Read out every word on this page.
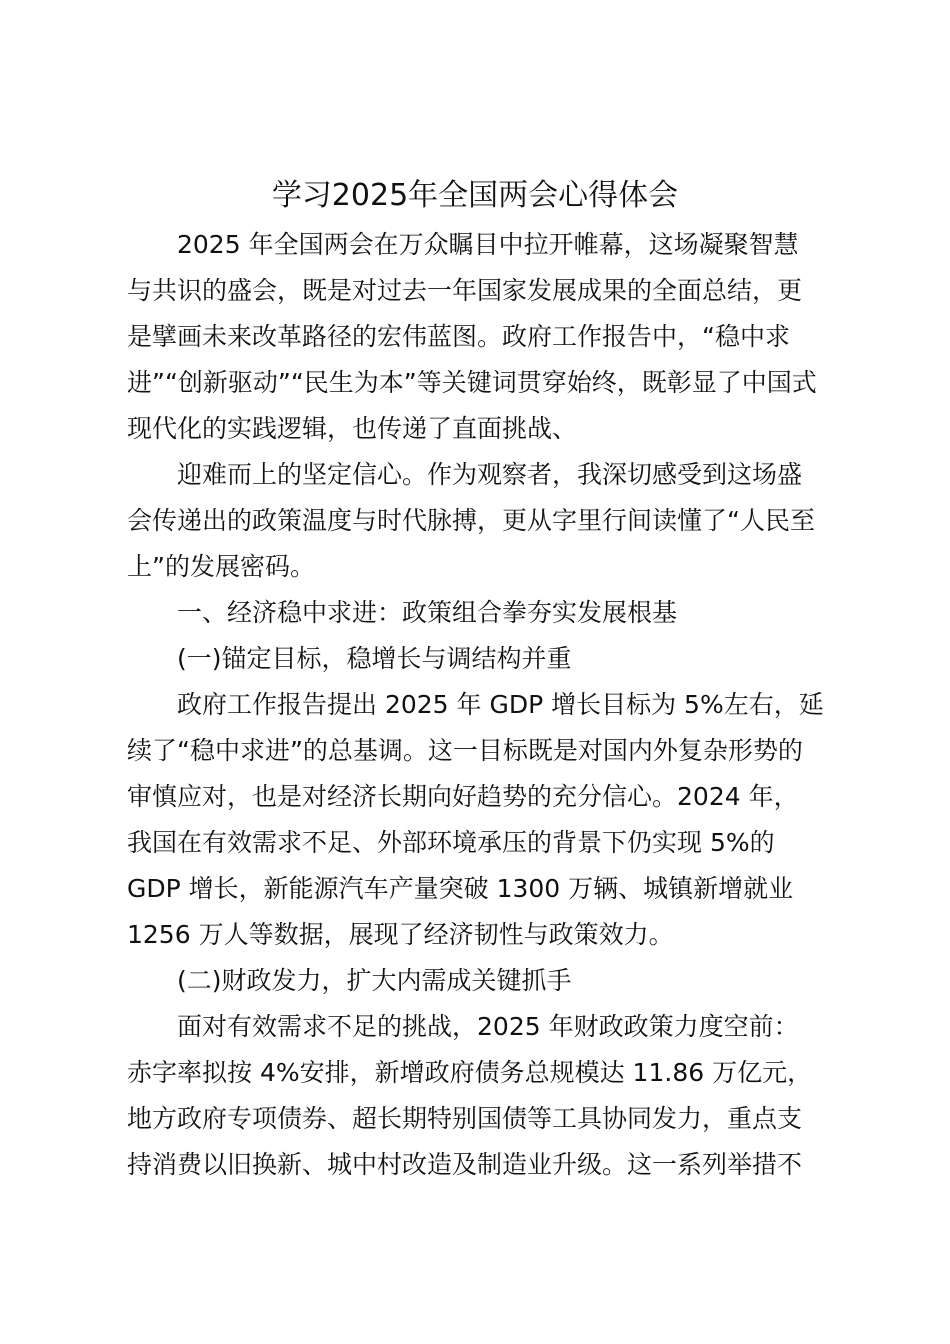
学习2025年全国两会心得体会

2025 年全国两会在万众瞩目中拉开帷幕，这场凝聚智慧

与共识的盛会，既是对过去一年国家发展成果的全面总结，更

是擘画未来改革路径的宏伟蓝图。政府工作报告中，“稳中求

进”“创新驱动”“民生为本”等关键词贯穿始终，既彰显了中国式

现代化的实践逻辑，也传递了直面挑战、

迎难而上的坚定信心。作为观察者，我深切感受到这场盛

会传递出的政策温度与时代脉搏，更从字里行间读懂了“人民至

上”的发展密码。

一、经济稳中求进：政策组合拳夯实发展根基

(一)锚定目标，稳增长与调结构并重

政府工作报告提出 2025 年 GDP 增长目标为 5%左右，延

续了“稳中求进”的总基调。这一目标既是对国内外复杂形势的

审慎应对，也是对经济长期向好趋势的充分信心。2024 年，

我国在有效需求不足、外部环境承压的背景下仍实现 5%的

GDP 增长，新能源汽车产量突破 1300 万辆、城镇新增就业

1256 万人等数据，展现了经济韧性与政策效力。

(二)财政发力，扩大内需成关键抓手

面对有效需求不足的挑战，2025 年财政政策力度空前：

赤字率拟按 4%安排，新增政府债务总规模达 11.86 万亿元，

地方政府专项债券、超长期特别国债等工具协同发力，重点支

持消费以旧换新、城中村改造及制造业升级。这一系列举措不
